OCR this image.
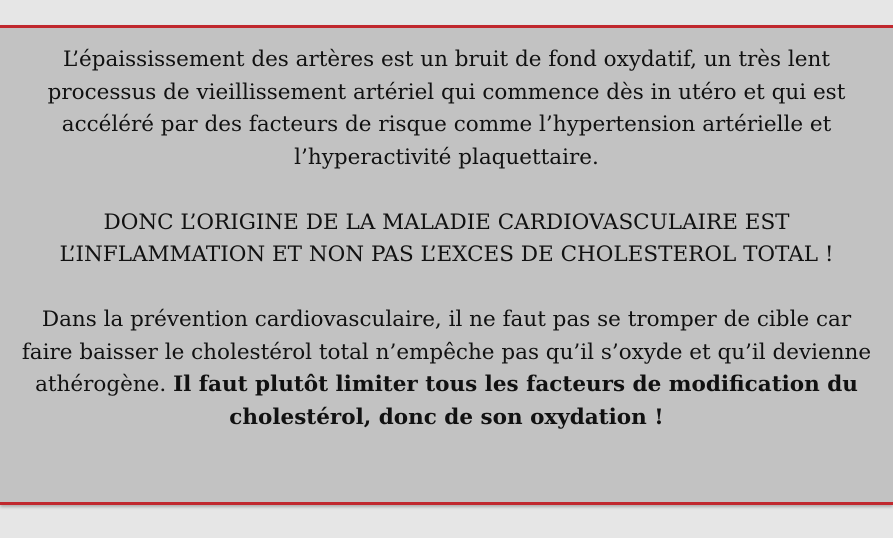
L’épaississement des artères est un bruit de fond oxydatif, un très lent processus de vieillissement artériel qui commence dès in utéro et qui est accéléré par des facteurs de risque comme l’hypertension artérielle et l’hyperactivité plaquettaire.

DONC L’ORIGINE DE LA MALADIE CARDIOVASCULAIRE EST L’INFLAMMATION ET NON PAS L’EXCES DE CHOLESTEROL TOTAL !

Dans la prévention cardiovasculaire, il ne faut pas se tromper de cible car faire baisser le cholestérol total n’empêche pas qu’il s’oxyde et qu’il devienne athérogène. Il faut plutôt limiter tous les facteurs de modification du cholestérol, donc de son oxydation !
